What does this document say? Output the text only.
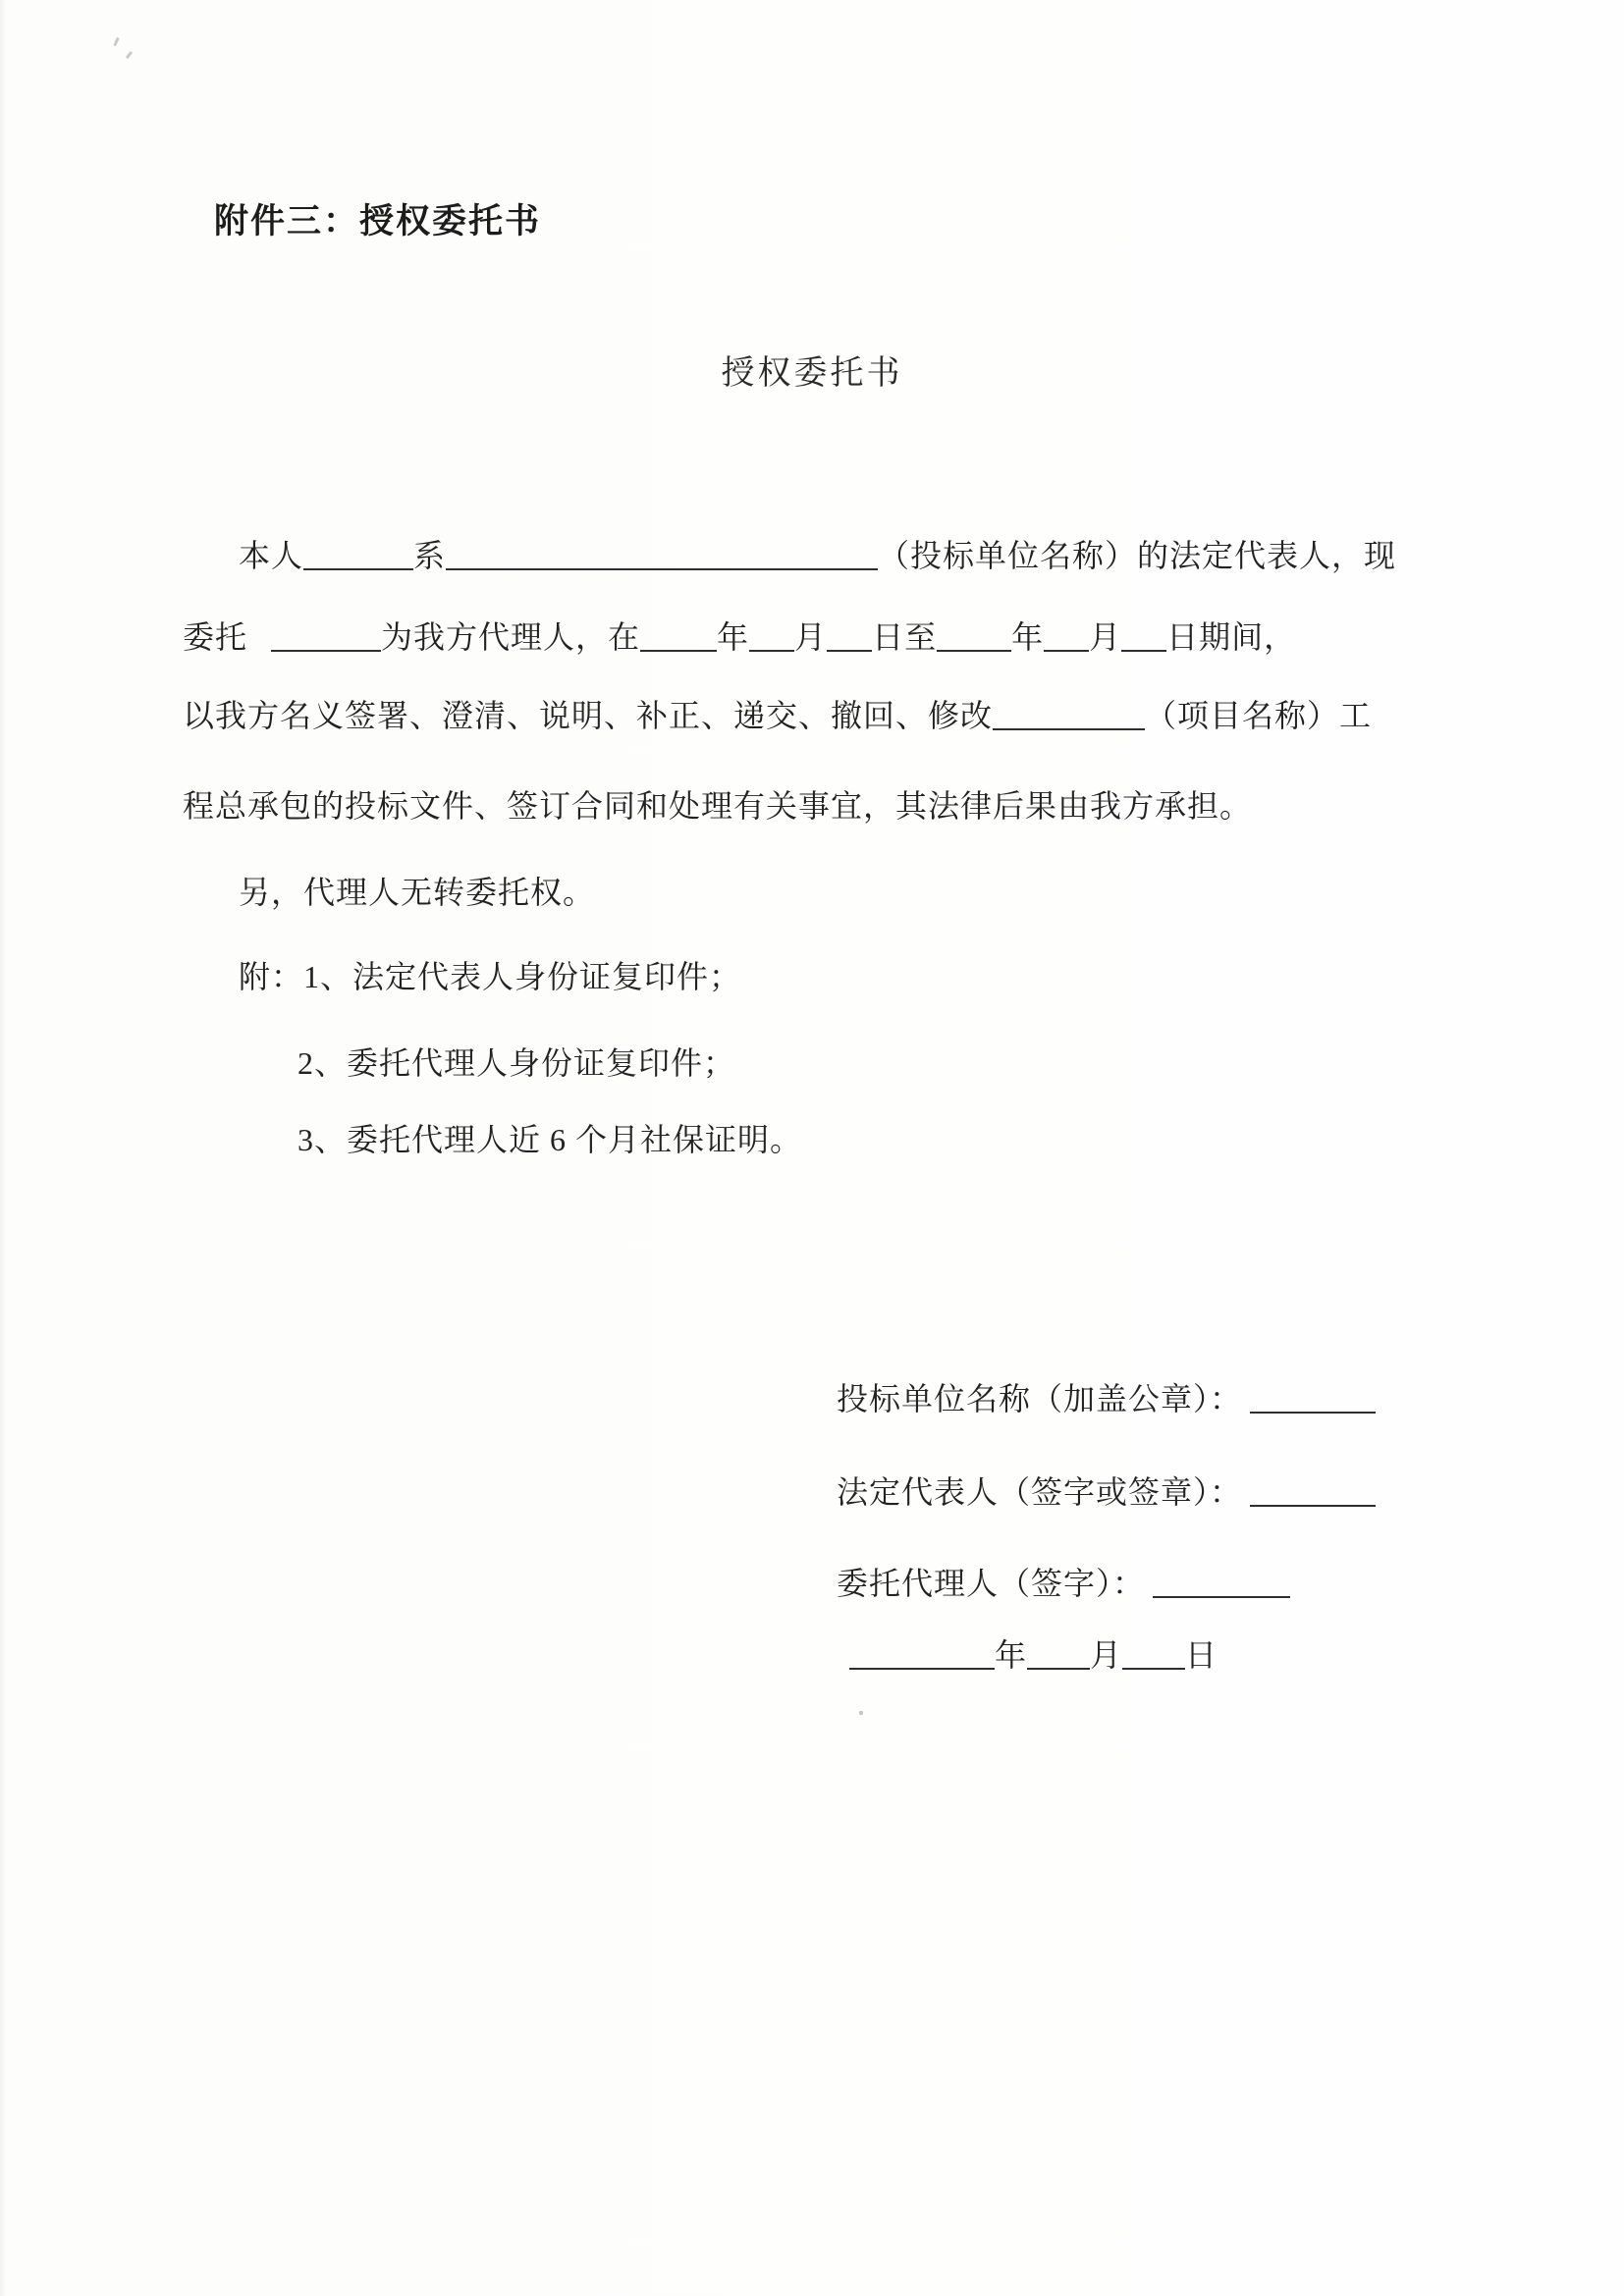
附件三：授权委托书
授权委托书
本人	系	（投标单位名称）的法定代表人，现
委托	为我方代理人，在 年 月 日至 年 月 日期间，
以我方名义签署、澄清、说明、补正、递交、撤回、修改	（项目名称）工
程总承包的投标文件、签订合同和处理有关事宜，其法律后果由我方承担。
另，代理人无转委托权。
附：1、法定代表人身份证复印件；
2、委托代理人身份证复印件；
3、委托代理人近 6 个月社保证明。
投标单位名称（加盖公章）：
法定代表人（签字或签章）：
委托代理人（签字）：
年 月 日
